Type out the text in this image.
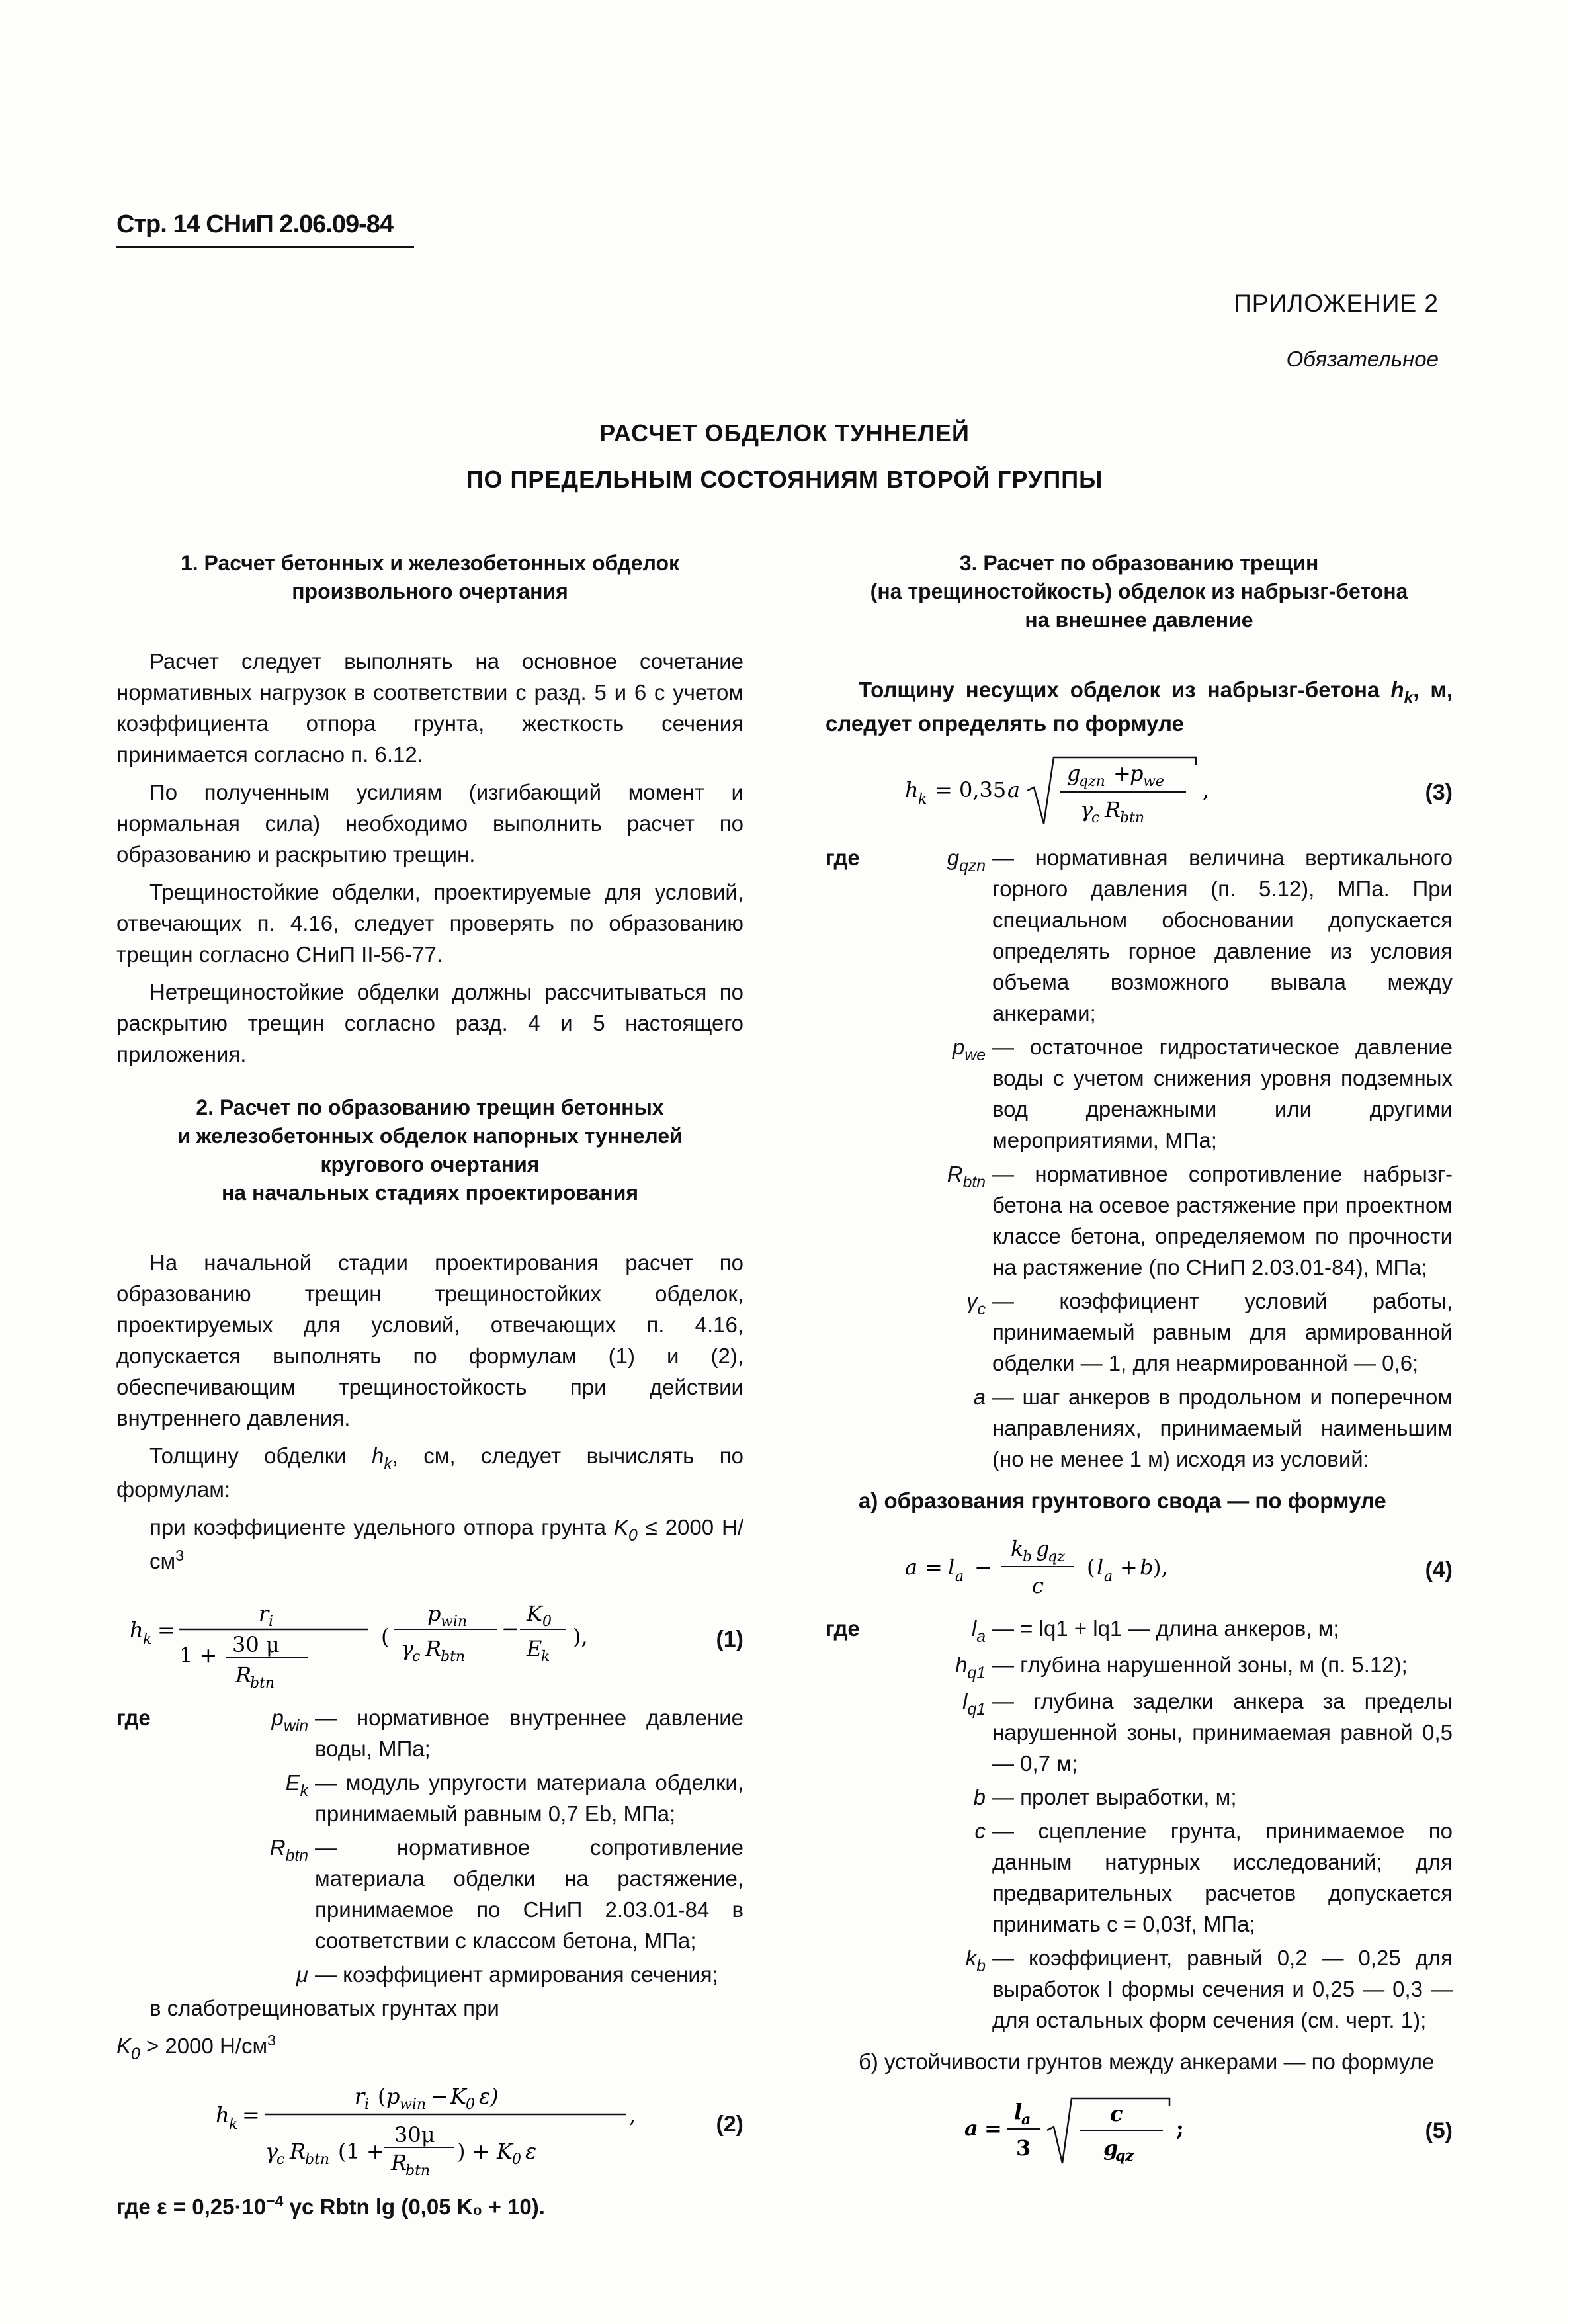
Стр. 14 СНиП 2.06.09-84
ПРИЛОЖЕНИЕ 2
Обязательное
РАСЧЕТ ОБДЕЛОК ТУННЕЛЕЙ
ПО ПРЕДЕЛЬНЫМ СОСТОЯНИЯМ ВТОРОЙ ГРУППЫ
1. Расчет бетонных и железобетонных обделок
произвольного очертания

Расчет следует выполнять на основное сочетание нормативных нагрузок в соответствии с разд. 5 и 6 с учетом коэффициента отпора грунта, жесткость сечения принимается согласно п. 6.12.

По полученным усилиям (изгибающий момент и нормальная сила) необходимо выполнить расчет по образованию и раскрытию трещин.

Трещиностойкие обделки, проектируемые для условий, отвечающих п. 4.16, следует проверять по образованию трещин согласно СНиП II-56-77.

Нетрещиностойкие обделки должны рассчитываться по раскрытию трещин согласно разд. 4 и 5 настоящего приложения.

2. Расчет по образованию трещин бетонных
и железобетонных обделок напорных туннелей
кругового очертания
на начальных стадиях проектирования

На начальной стадии проектирования расчет по образованию трещин трещиностойких обделок, проектируемых для условий, отвечающих п. 4.16, допускается выполнять по формулам (1) и (2), обеспечивающим трещиностойкость при действии внутреннего давления.

Толщину обделки $h_k$, см, следует вычислять по формулам:

при коэффициенте удельного отпора грунта $K_0 \le 2000$ $Н/см^3$

h k =
r i
1 + 30 μ
R
btn
(
p win
γ
c R
btn
−
K 0
E
k
),	(1)
где	$p_{win}$	— нормативное внутреннее давление воды, МПа;
$E_k$	— модуль упругости материала обделки, принимаемый равным 0,7 Eb, МПа;
$R_{btn}$	— нормативное сопротивление материала обделки на растяжение, принимаемое по СНиП 2.03.01-84 в соответствии с классом бетона, МПа;
μ	— коэффициент армирования сечения;

в слаботрещиноватых грунтах при

$K_0 > 2000$ $Н/см^3$

h k =
r i ( p win − K 0 ε)
γ
c R
btn (1 +
30μ
R
btn
) + K 0 ε
,	(2)

где $\varepsilon = 0,25\cdot 10^{-4}$ γc Rbtn lg (0,05 K₀ + 10).

3. Расчет по образованию трещин
(на трещиностойкость) обделок из набрызг-бетона
на внешнее давление

Толщину несущих обделок из набрызг-бетона $h_k$, м, следует определять по формуле

h k = 0,35 a
g
qzn +
p we
γ
c R
btn
,	(3)
где	$g_{qzn}$	— нормативная величина вертикального горного давления (п. 5.12), МПа. При специальном обосновании допускается определять горное давление из условия объема возможного вывала между анкерами;
$p_{we}$	— остаточное гидростатическое давление воды с учетом снижения уровня подземных вод дренажными или другими мероприятиями, МПа;
$R_{btn}$	— нормативное сопротивление набрызг-бетона на осевое растяжение при проектном классе бетона, определяемом по прочности на растяжение (по СНиП 2.03.01-84), МПа;
$\gamma_c$	— коэффициент условий работы, принимаемый равным для армированной обделки — 1, для неармированной — 0,6;
a	— шаг анкеров в продольном и поперечном направлениях, принимаемый наименьшим (но не менее 1 м) исходя из условий:

а) образования грунтового свода — по формуле

a = l a −
k
b g
qz
c
( l a + b ),	(4)
где	$l_a$	— = lq1 + lq1 — длина анкеров, м;
$h_{q1}$	— глубина нарушенной зоны, м (п. 5.12);
$l_{q1}$	— глубина заделки анкера за пределы нарушенной зоны, принимаемая равной 0,5 — 0,7 м;
b	— пролет выработки, м;
c	— сцепление грунта, принимаемое по данным натурных исследований; для предварительных расчетов допускается принимать c = 0,03f, МПа;
$k_b$	— коэффициент, равный 0,2 — 0,25 для выработок I формы сечения и 0,25 — 0,3 — для остальных форм сечения (см. черт. 1);

б) устойчивости грунтов между анкерами — по формуле

a =
l
a
3
c
g
qz
;	(5)
